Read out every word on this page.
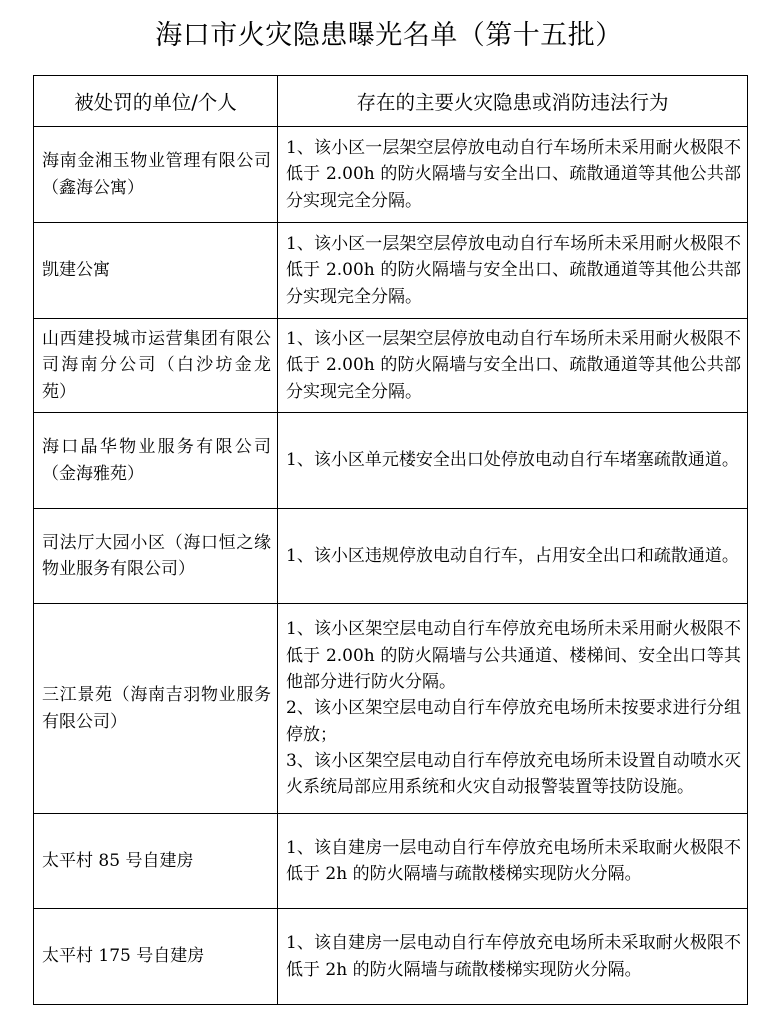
海口市火灾隐患曝光名单（第十五批）
被处罚的单位/个人	存在的主要火灾隐患或消防违法行为
海南金湘玉物业管理有限公司（鑫海公寓）	1、该小区一层架空层停放电动自行车场所未采用耐火极限不低于 2.00h 的防火隔墙与安全出口、疏散通道等其他公共部分实现完全分隔。

凯建公寓	1、该小区一层架空层停放电动自行车场所未采用耐火极限不低于 2.00h 的防火隔墙与安全出口、疏散通道等其他公共部分实现完全分隔。

山西建投城市运营集团有限公司海南分公司（白沙坊金龙苑）	1、该小区一层架空层停放电动自行车场所未采用耐火极限不低于 2.00h 的防火隔墙与安全出口、疏散通道等其他公共部分实现完全分隔。

海口晶华物业服务有限公司（金海雅苑）	1、该小区单元楼安全出口处停放电动自行车堵塞疏散通道。

司法厅大园小区（海口恒之缘物业服务有限公司）	1、该小区违规停放电动自行车，占用安全出口和疏散通道。

三江景苑（海南吉羽物业服务有限公司）	1、该小区架空层电动自行车停放充电场所未采用耐火极限不低于 2.00h 的防火隔墙与公共通道、楼梯间、安全出口等其他部分进行防火分隔。
2、该小区架空层电动自行车停放充电场所未按要求进行分组停放；
3、该小区架空层电动自行车停放充电场所未设置自动喷水灭火系统局部应用系统和火灾自动报警装置等技防设施。

太平村 85 号自建房	1、该自建房一层电动自行车停放充电场所未采取耐火极限不低于 2h 的防火隔墙与疏散楼梯实现防火分隔。

太平村 175 号自建房	1、该自建房一层电动自行车停放充电场所未采取耐火极限不低于 2h 的防火隔墙与疏散楼梯实现防火分隔。
